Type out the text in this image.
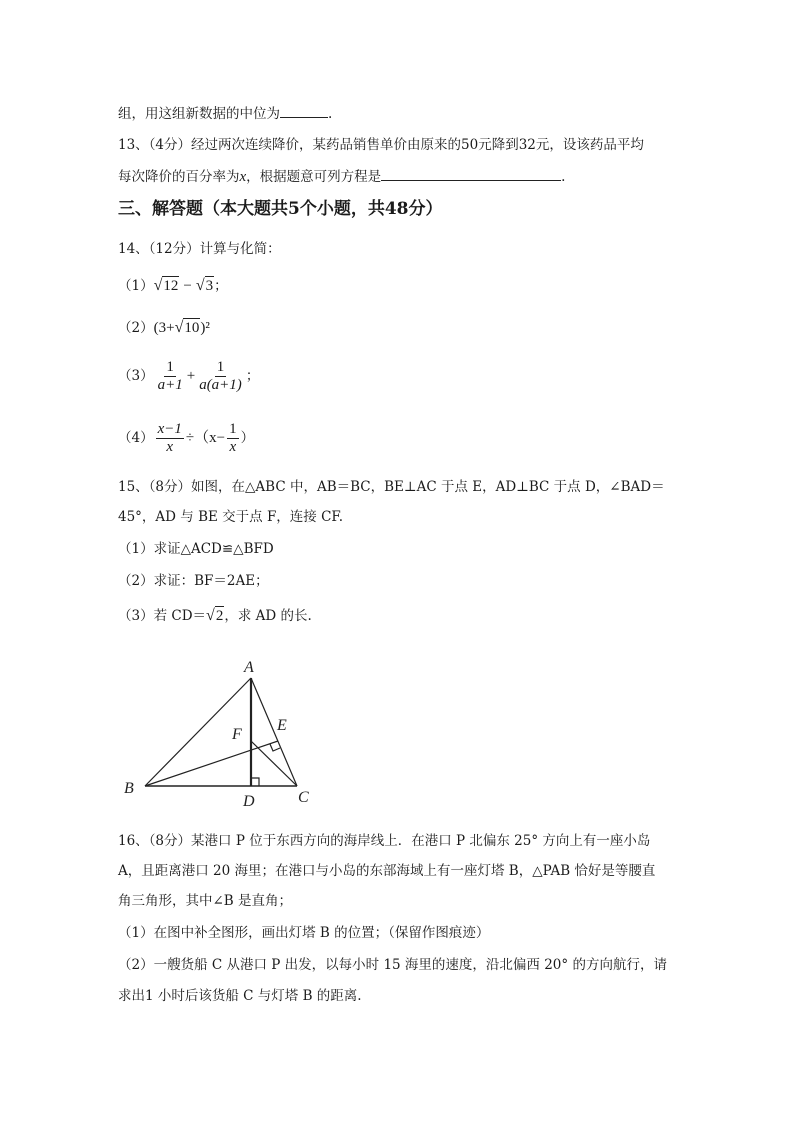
组，用这组新数据的中位为	.
13、（4分）经过两次连续降价，某药品销售单价由原来的50元降到32元，设该药品平均
每次降价的百分率为x，根据题意可列方程是	.
三、解答题（本大题共5个小题，共48分）
14、（12分）计算与化简：
（1）√12 − √3；
（2）(3+√10)²
$(3) \frac{1}{a+1} + \frac{1}{a(a+1)}$ ；
$(4) \frac{x-1}{x} \div(x- \frac{1}{x}$ ）
15、（8分）如图，在△ABC 中，AB＝BC，BE⊥AC 于点 E，AD⊥BC 于点 D，∠BAD＝
45°，AD 与 BE 交于点 F，连接 CF.
（1）求证△ACD≌△BFD
（2）求证：BF＝2AE；
（3）若 CD＝√2，求 AD 的长.
A
B
C
D
E
F
16、（8分）某港口 P 位于东西方向的海岸线上．在港口 P 北偏东 25° 方向上有一座小岛
A，且距离港口 20 海里；在港口与小岛的东部海域上有一座灯塔 B，△PAB 恰好是等腰直
角三角形，其中∠B 是直角；
（1）在图中补全图形，画出灯塔 B 的位置；（保留作图痕迹）
（2）一艘货船 C 从港口 P 出发，以每小时 15 海里的速度，沿北偏西 20° 的方向航行，请
求出1 小时后该货船 C 与灯塔 B 的距离.
